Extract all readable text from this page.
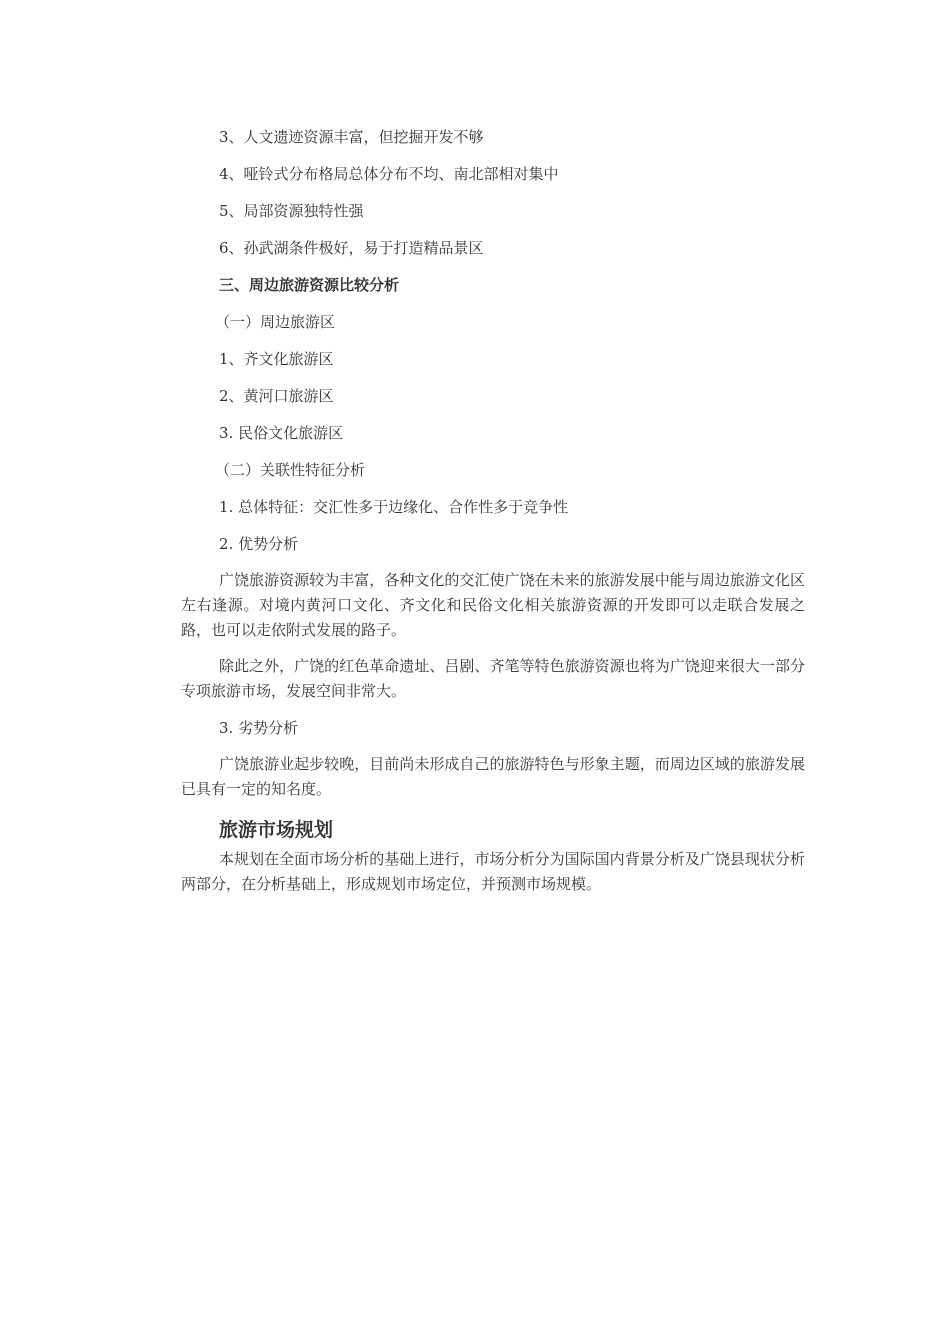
3、人文遗迹资源丰富，但挖掘开发不够
4、哑铃式分布格局总体分布不均、南北部相对集中
5、局部资源独特性强
6、孙武湖条件极好，易于打造精品景区
三、周边旅游资源比较分析
（一）周边旅游区
1、齐文化旅游区
2、黄河口旅游区
3. 民俗文化旅游区
（二）关联性特征分析
1. 总体特征：交汇性多于边缘化、合作性多于竞争性
2. 优势分析

广饶旅游资源较为丰富，各种文化的交汇使广饶在未来的旅游发展中能与周边旅游文化区左右逢源。对境内黄河口文化、齐文化和民俗文化相关旅游资源的开发即可以走联合发展之路，也可以走依附式发展的路子。

除此之外，广饶的红色革命遗址、吕剧、齐笔等特色旅游资源也将为广饶迎来很大一部分专项旅游市场，发展空间非常大。

3. 劣势分析

广饶旅游业起步较晚，目前尚未形成自己的旅游特色与形象主题，而周边区域的旅游发展已具有一定的知名度。

旅游市场规划

本规划在全面市场分析的基础上进行，市场分析分为国际国内背景分析及广饶县现状分析两部分，在分析基础上，形成规划市场定位，并预测市场规模。
